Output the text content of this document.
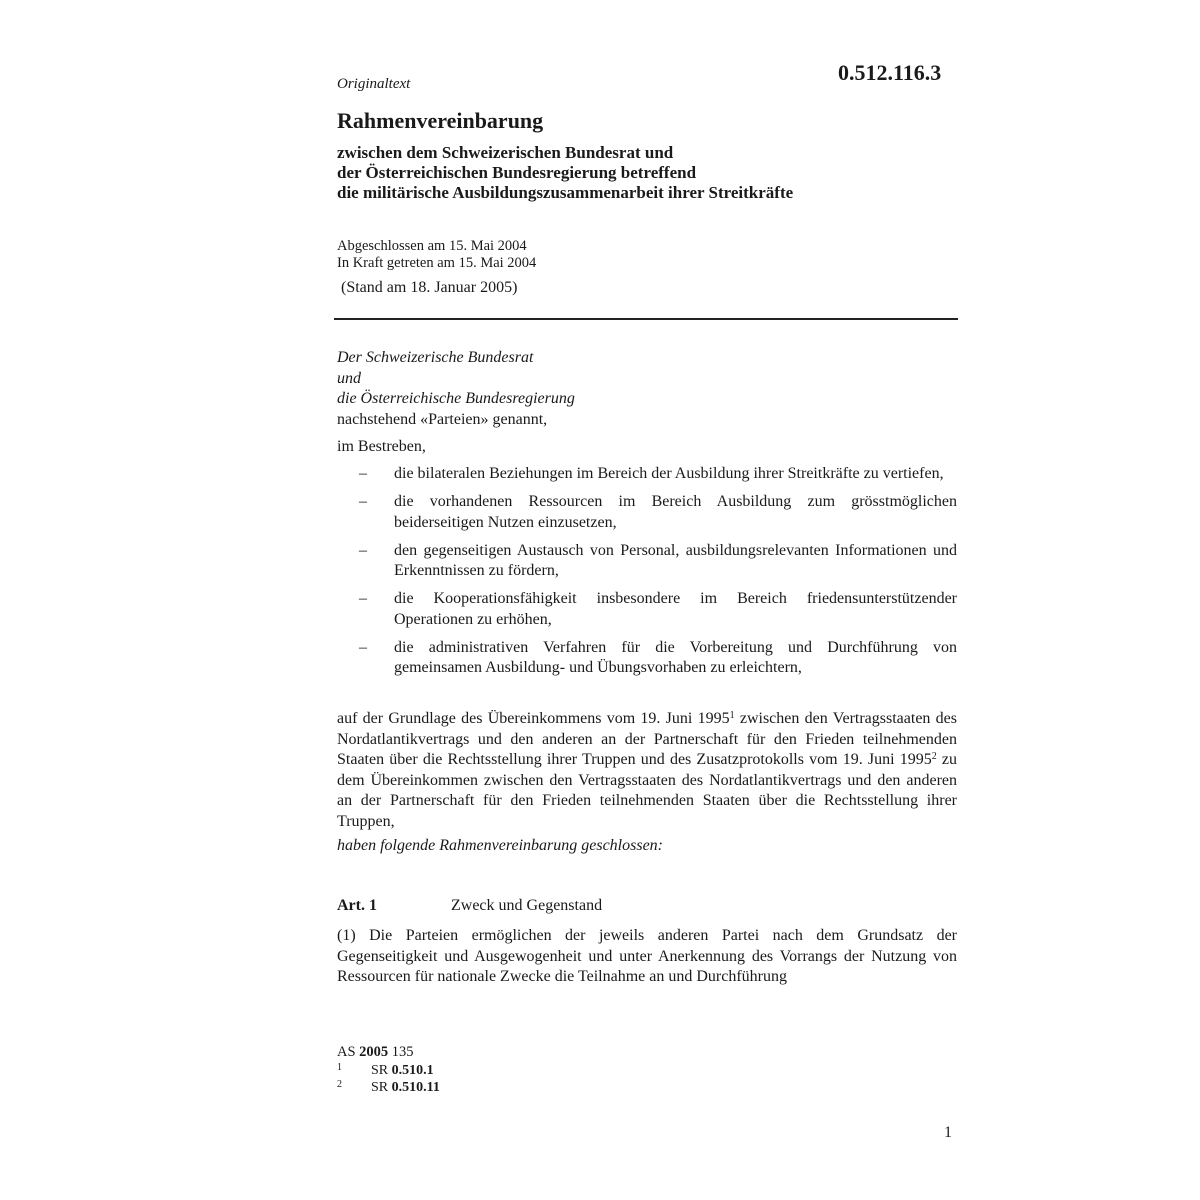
0.512.116.3
Originaltext
Rahmenvereinbarung
zwischen dem Schweizerischen Bundesrat und
der Österreichischen Bundesregierung betreffend
die militärische Ausbildungszusammenarbeit ihrer Streitkräfte
Abgeschlossen am 15. Mai 2004
In Kraft getreten am 15. Mai 2004
(Stand am 18. Januar 2005)
Der Schweizerische Bundesrat
und
die Österreichische Bundesregierung
nachstehend «Parteien» genannt,
im Bestreben,
– die bilateralen Beziehungen im Bereich der Ausbildung ihrer Streitkräfte zu vertiefen,
– die vorhandenen Ressourcen im Bereich Ausbildung zum grösstmöglichen beiderseitigen Nutzen einzusetzen,
– den gegenseitigen Austausch von Personal, ausbildungsrelevanten Informationen und Erkenntnissen zu fördern,
– die Kooperationsfähigkeit insbesondere im Bereich friedensunterstützender Operationen zu erhöhen,
– die administrativen Verfahren für die Vorbereitung und Durchführung von gemeinsamen Ausbildung- und Übungsvorhaben zu erleichtern,
auf der Grundlage des Übereinkommens vom 19. Juni 1995$^1$ zwischen den Vertragsstaaten des Nordatlantikvertrags und den anderen an der Partnerschaft für den Frieden teilnehmenden Staaten über die Rechtsstellung ihrer Truppen und des Zusatzprotokolls vom 19. Juni 1995$^2$ zu dem Übereinkommen zwischen den Vertragsstaaten des Nordatlantikvertrags und den anderen an der Partnerschaft für den Frieden teilnehmenden Staaten über die Rechtsstellung ihrer Truppen,
haben folgende Rahmenvereinbarung geschlossen:
Art. 1	Zweck und Gegenstand
(1) Die Parteien ermöglichen der jeweils anderen Partei nach dem Grundsatz der Gegenseitigkeit und Ausgewogenheit und unter Anerkennung des Vorrangs der Nutzung von Ressourcen für nationale Zwecke die Teilnahme an und Durchführung
AS 2005 135
1 SR 0.510.1
2 SR 0.510.11
1
